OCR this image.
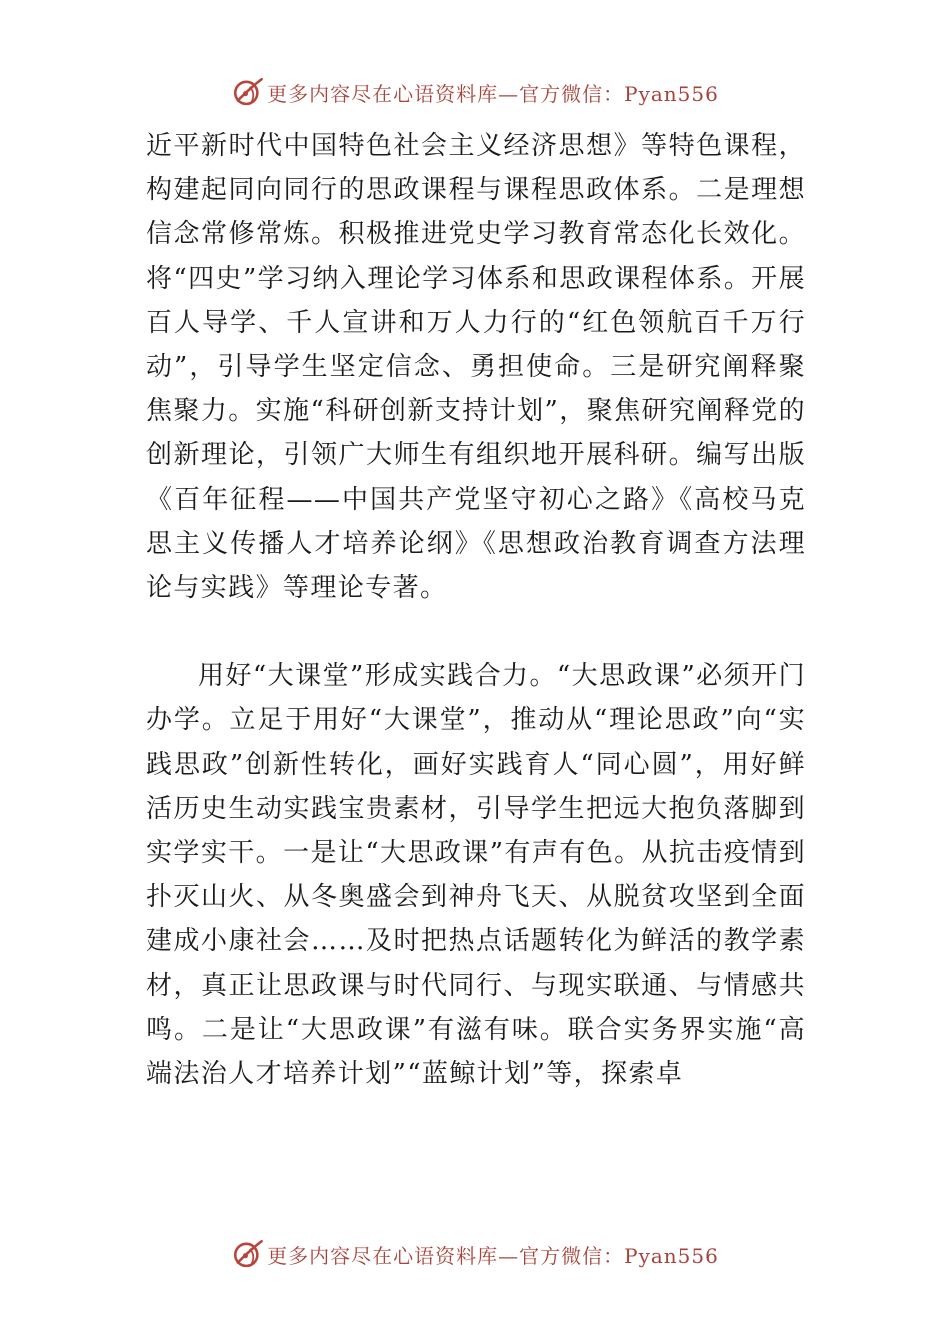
更多内容尽在心语资料库—官方微信：Pyan556

近平新时代中国特色社会主义经济思想》等特色课程，构建起同向同行的思政课程与课程思政体系。二是理想信念常修常炼。积极推进党史学习教育常态化长效化。将“四史”学习纳入理论学习体系和思政课程体系。开展百人导学、千人宣讲和万人力行的“红色领航百千万行动”，引导学生坚定信念、勇担使命。三是研究阐释聚焦聚力。实施“科研创新支持计划”，聚焦研究阐释党的创新理论，引领广大师生有组织地开展科研。编写出版《百年征程——中国共产党坚守初心之路》《高校马克思主义传播人才培养论纲》《思想政治教育调查方法理论与实践》等理论专著。

用好“大课堂”形成实践合力。“大思政课”必须开门办学。立足于用好“大课堂”，推动从“理论思政”向“实践思政”创新性转化，画好实践育人“同心圆”，用好鲜活历史生动实践宝贵素材，引导学生把远大抱负落脚到实学实干。一是让“大思政课”有声有色。从抗击疫情到扑灭山火、从冬奥盛会到神舟飞天、从脱贫攻坚到全面建成小康社会……及时把热点话题转化为鲜活的教学素材，真正让思政课与时代同行、与现实联通、与情感共鸣。二是让“大思政课”有滋有味。联合实务界实施“高端法治人才培养计划”“蓝鲸计划”等，探索卓

更多内容尽在心语资料库—官方微信：Pyan556
